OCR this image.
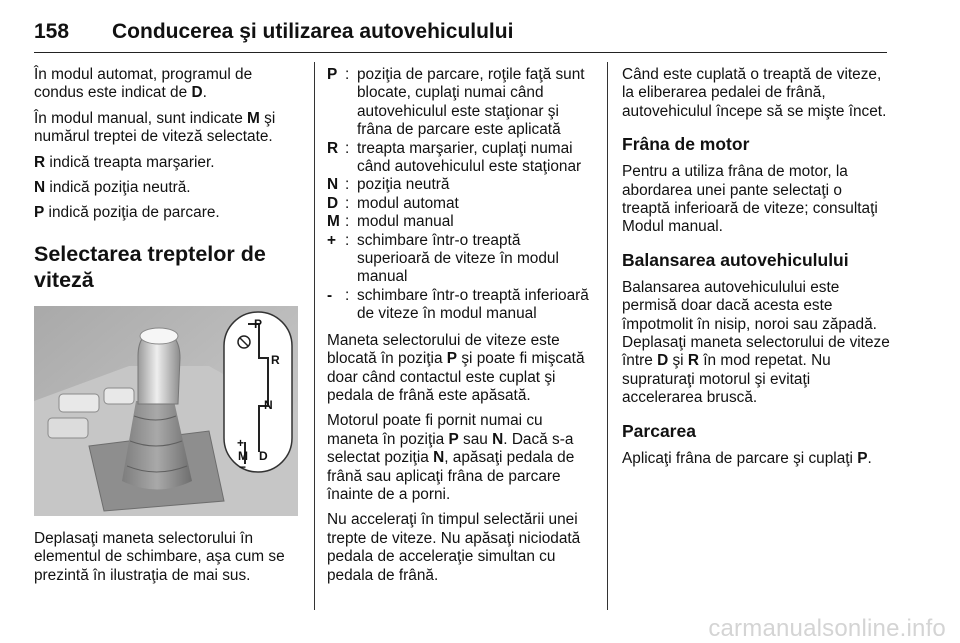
158 Conducerea şi utilizarea autovehiculului

În modul automat, programul de condus este indicat de D.

În modul manual, sunt indicate M şi numărul treptei de viteză selectate.

R indică treapta marşarier.

N indică poziţia neutră.

P indică poziţia de parcare.

Selectarea treptelor de viteză
P
R
N
+
M D
−

Deplasaţi maneta selectorului în elementul de schimbare, aşa cum se prezintă în ilustraţia de mai sus.

P : poziţia de parcare, roţile faţă sunt blocate, cuplaţi numai când autovehiculul este staţionar şi frâna de parcare este aplicată
R : treapta marşarier, cuplaţi numai când autovehiculul este staţionar
N : poziţia neutră
D : modul automat
M : modul manual
+ : schimbare într-o treaptă superioară de viteze în modul manual
- : schimbare într-o treaptă inferioară de viteze în modul manual

Maneta selectorului de viteze este blocată în poziţia P şi poate fi mişcată doar când contactul este cuplat şi pedala de frână este apăsată.

Motorul poate fi pornit numai cu maneta în poziţia P sau N. Dacă s-a selectat poziţia N, apăsaţi pedala de frână sau aplicaţi frâna de parcare înainte de a porni.

Nu acceleraţi în timpul selectării unei trepte de viteze. Nu apăsaţi niciodată pedala de acceleraţie simultan cu pedala de frână.

Când este cuplată o treaptă de viteze, la eliberarea pedalei de frână, autovehiculul începe să se mişte încet.

Frâna de motor

Pentru a utiliza frâna de motor, la abordarea unei pante selectaţi o treaptă inferioară de viteze; consultaţi Modul manual.

Balansarea autovehiculului

Balansarea autovehiculului este permisă doar dacă acesta este împotmolit în nisip, noroi sau zăpadă. Deplasaţi maneta selectorului de viteze între D şi R în mod repetat. Nu supraturaţi motorul şi evitaţi accelerarea bruscă.

Parcarea

Aplicaţi frâna de parcare şi cuplaţi P.

carmanualsonline.info
